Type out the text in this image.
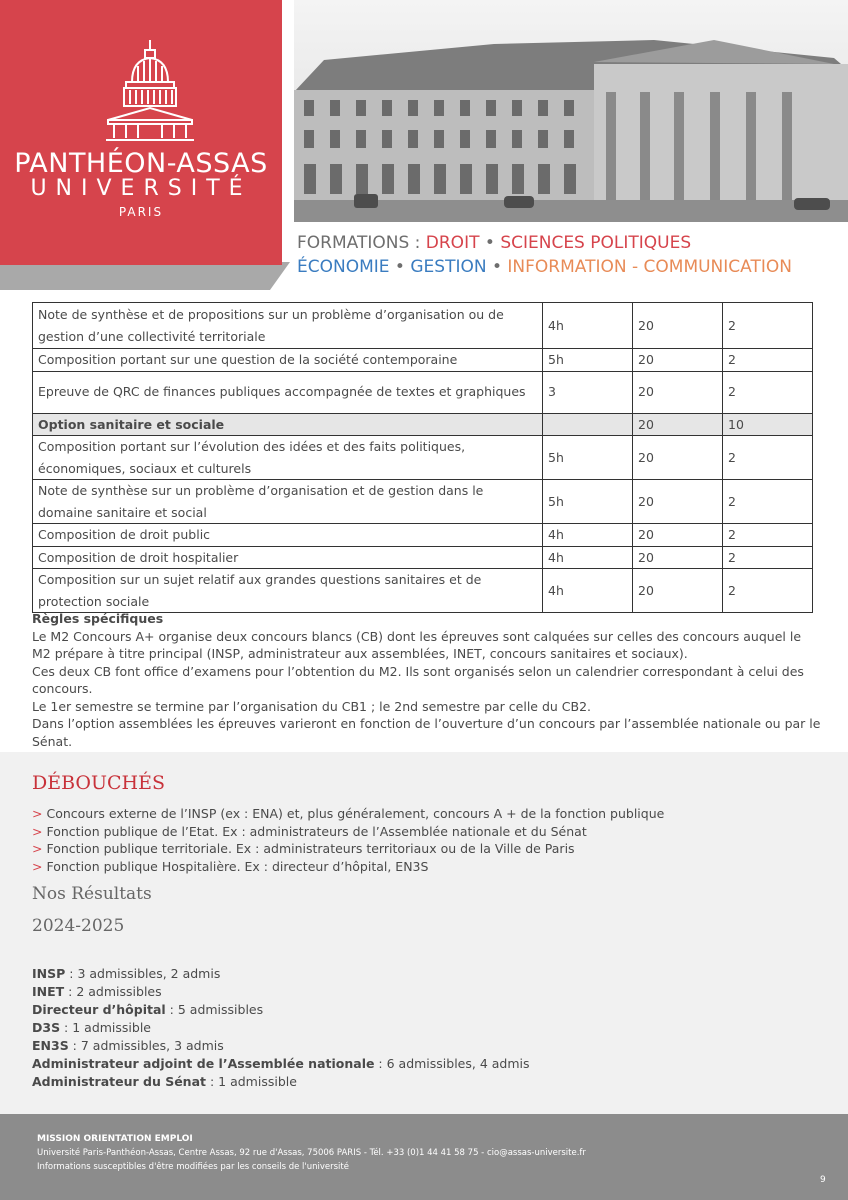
PANTHÉON-ASSAS
UNIVERSITÉ
PARIS
FORMATIONS : DROIT • SCIENCES POLITIQUES
ÉCONOMIE • GESTION • INFORMATION - COMMUNICATION
Note de synthèse et de propositions sur un problème d’organisation ou de gestion d’une collectivité territoriale	4h	20	2
Composition portant sur une question de la société contemporaine	5h	20	2
Epreuve de QRC de finances publiques accompagnée de textes et graphiques	3	20	2
Option sanitaire et sociale		20	10
Composition portant sur l’évolution des idées et des faits politiques, économiques, sociaux et culturels	5h	20	2
Note de synthèse sur un problème d’organisation et de gestion dans le domaine sanitaire et social	5h	20	2
Composition de droit public	4h	20	2
Composition de droit hospitalier	4h	20	2
Composition sur un sujet relatif aux grandes questions sanitaires et de protection sociale	4h	20	2
Règles spécifiques
Le M2 Concours A+ organise deux concours blancs (CB) dont les épreuves sont calquées sur celles des concours auquel le M2 prépare à titre principal (INSP, administrateur aux assemblées, INET, concours sanitaires et sociaux).
Ces deux CB font office d’examens pour l’obtention du M2. Ils sont organisés selon un calendrier correspondant à celui des concours.
Le 1er semestre se termine par l’organisation du CB1 ; le 2nd semestre par celle du CB2.
Dans l’option assemblées les épreuves varieront en fonction de l’ouverture d’un concours par l’assemblée nationale ou par le Sénat.
DÉBOUCHÉS
> Concours externe de l’INSP (ex : ENA) et, plus généralement, concours A + de la fonction publique
> Fonction publique de l’Etat. Ex : administrateurs de l’Assemblée nationale et du Sénat
> Fonction publique territoriale. Ex : administrateurs territoriaux ou de la Ville de Paris
> Fonction publique Hospitalière. Ex : directeur d’hôpital, EN3S
Nos Résultats
2024-2025
INSP : 3 admissibles, 2 admis
INET : 2 admissibles
Directeur d’hôpital : 5 admissibles
D3S : 1 admissible
EN3S : 7 admissibles, 3 admis
Administrateur adjoint de l’Assemblée nationale : 6 admissibles, 4 admis
Administrateur du Sénat : 1 admissible
MISSION ORIENTATION EMPLOI
Université Paris-Panthéon-Assas, Centre Assas, 92 rue d'Assas, 75006 PARIS - Tél. +33 (0)1 44 41 58 75 - cio@assas-universite.fr
Informations susceptibles d'être modifiées par les conseils de l'université
9
